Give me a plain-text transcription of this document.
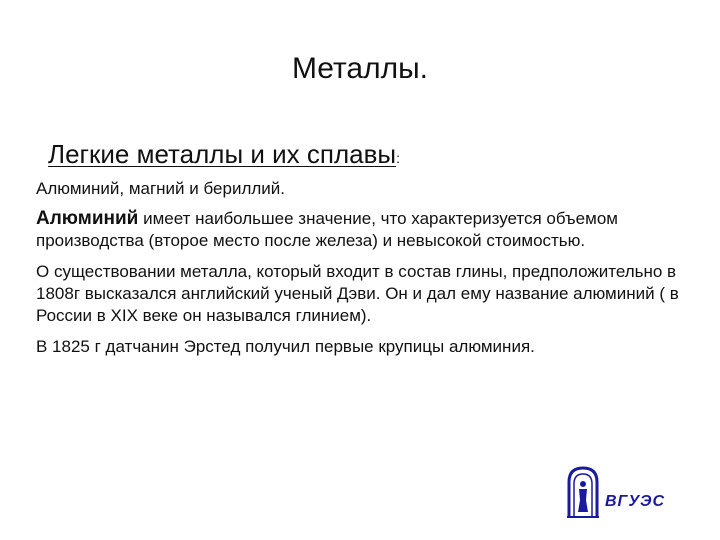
Металлы.
Легкие металлы и их сплавы:

Алюминий, магний и бериллий.

Алюминий имеет наибольшее значение, что характеризуется объемом производства (второе место после железа) и невысокой стоимостью.

О существовании металла, который входит в состав глины, предположительно в 1808г высказался английский ученый Дэви. Он и дал ему название алюминий ( в России в XIX веке он назывался глинием).

В 1825 г датчанин Эрстед получил первые крупицы алюминия.

ВГУЭС
